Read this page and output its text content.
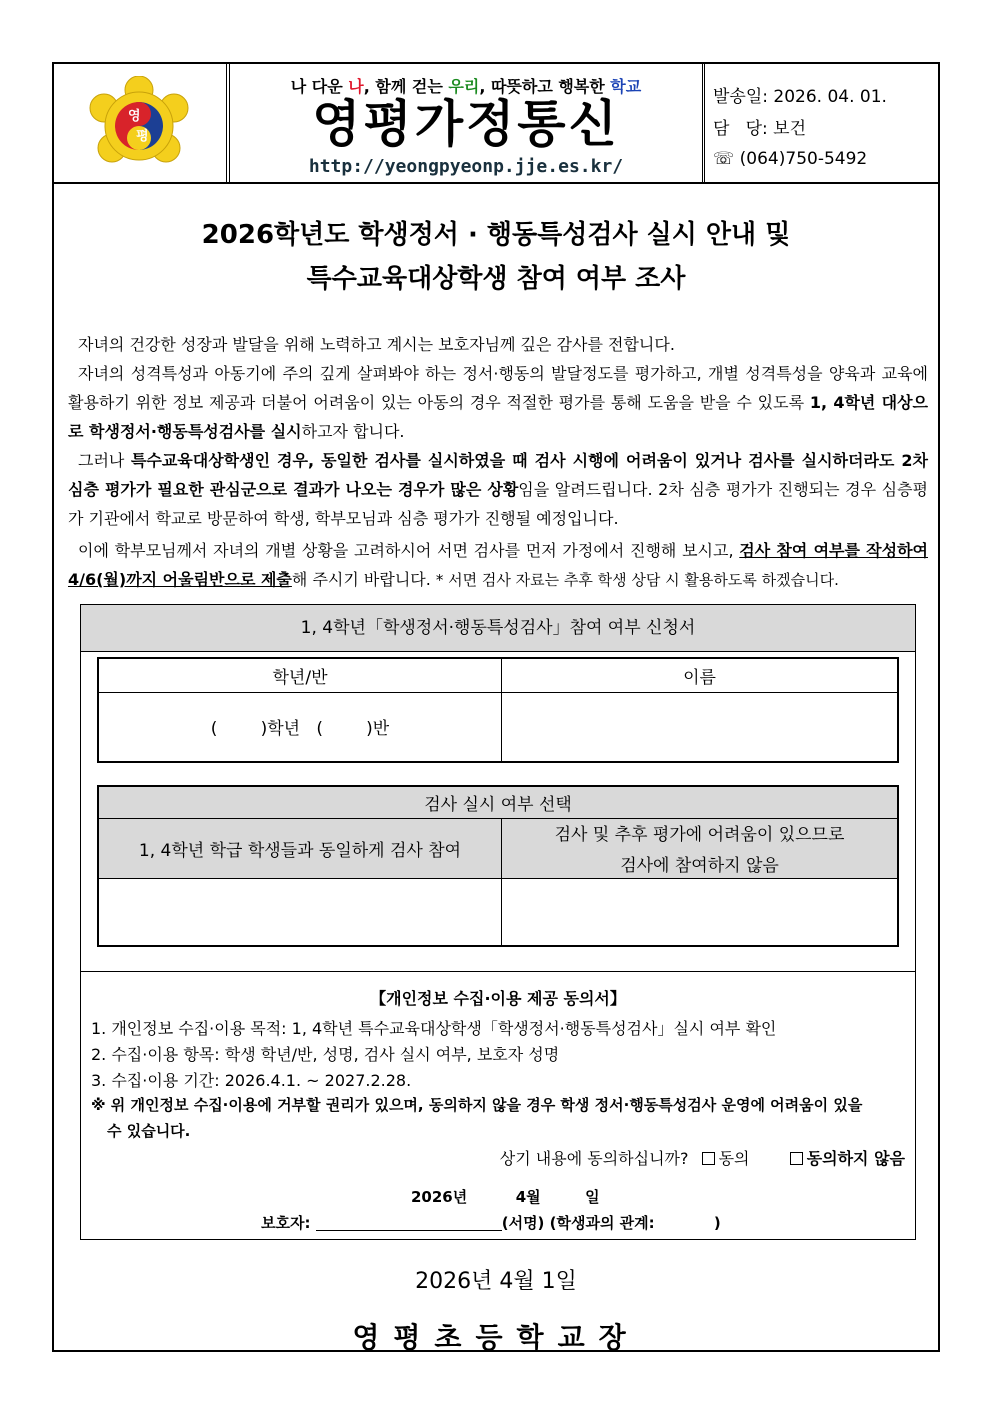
영
평
나 다운 나, 함께 걷는 우리, 따뜻하고 행복한 학교
영평가정통신
http://yeongpyeonp.jje.es.kr/
발송일: 2026. 04. 01.
담   당: 보건
☏ (064)750-5492
2026학년도 학생정서 · 행동특성검사 실시 안내 및
특수교육대상학생 참여 여부 조사
자녀의 건강한 성장과 발달을 위해 노력하고 계시는 보호자님께 깊은 감사를 전합니다.
자녀의 성격특성과 아동기에 주의 깊게 살펴봐야 하는 정서·행동의 발달정도를 평가하고, 개별 성격특성을 양육과 교육에 활용하기 위한 정보 제공과 더불어 어려움이 있는 아동의 경우 적절한 평가를 통해 도움을 받을 수 있도록 1, 4학년 대상으로 학생정서·행동특성검사를 실시하고자 합니다.
그러나 특수교육대상학생인 경우, 동일한 검사를 실시하였을 때 검사 시행에 어려움이 있거나 검사를 실시하더라도 2차 심층 평가가 필요한 관심군으로 결과가 나오는 경우가 많은 상황임을 알려드립니다. 2차 심층 평가가 진행되는 경우 심층평가 기관에서 학교로 방문하여 학생, 학부모님과 심층 평가가 진행될 예정입니다.
이에 학부모님께서 자녀의 개별 상황을 고려하시어 서면 검사를 먼저 가정에서 진행해 보시고, 검사 참여 여부를 작성하여 4/6(월)까지 어울림반으로 제출해 주시기 바랍니다. * 서면 검사 자료는 추후 학생 상담 시 활용하도록 하겠습니다.
1, 4학년「학생정서·행동특성검사」참여 여부 신청서
학년/반	이름
(        )학년   (        )반	
검사 실시 여부 선택	
1, 4학년 학급 학생들과 동일하게 검사 참여	검사 및 추후 평가에 어려움이 있으므로
검사에 참여하지 않음

【개인정보 수집·이용 제공 동의서】
1. 개인정보 수집·이용 목적: 1, 4학년 특수교육대상학생「학생정서·행동특성검사」실시 여부 확인
2. 수집·이용 항목: 학생 학년/반, 성명, 검사 실시 여부, 보호자 성명
3. 수집·이용 기간: 2026.4.1. ~ 2027.2.28.
※ 위 개인정보 수집·이용에 거부할 권리가 있으며, 동의하지 않을 경우 학생 정서·행동특성검사 운영에 어려움이 있을
수 있습니다.
상기 내용에 동의하십니까? 동의	동의하지 않음
2026년	4월	일
보호자:	(서명) (학생과의 관계:	)
2026년 4월 1일
영평초등학교장
